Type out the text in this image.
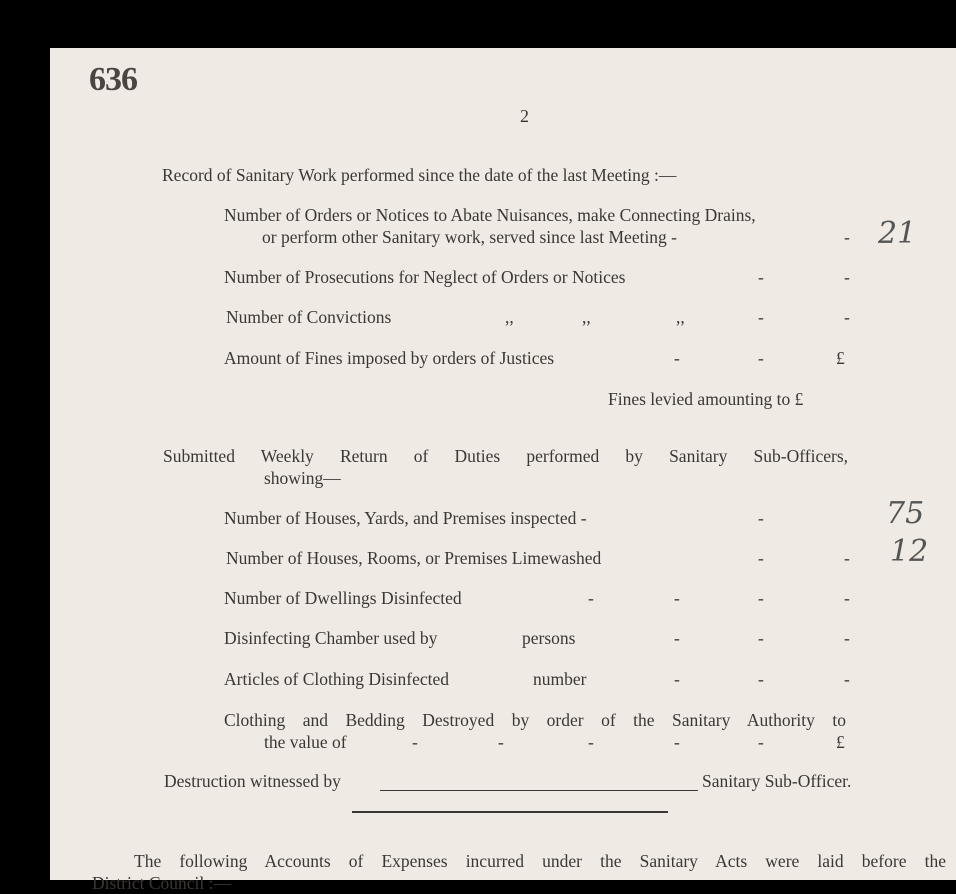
636
2
Record of Sanitary Work performed since the date of the last Meeting :—
Number of Orders or Notices to Abate Nuisances, make Connecting Drains,
or perform other Sanitary work, served since last Meeting -	- 21
Number of Prosecutions for Neglect of Orders or Notices	-	-
Number of Convictions	,,	,,	,,	-	-
Amount of Fines imposed by orders of Justices	-	-	£
Fines levied amounting to £
Submitted Weekly Return of Duties performed by Sanitary Sub-Officers,
showing—
Number of Houses, Yards, and Premises inspected -	-	75
Number of Houses, Rooms, or Premises Limewashed	-	- 12
Number of Dwellings Disinfected	-	-	-	-
Disinfecting Chamber used by	persons	-	-	-
Articles of Clothing Disinfected	number	-	-	-
Clothing and Bedding Destroyed by order of the Sanitary Authority to
the value of	-	-	-	-	-	£
Destruction witnessed by	Sanitary Sub-Officer.
The following Accounts of Expenses incurred under the Sanitary Acts were laid before the
District Council :—
